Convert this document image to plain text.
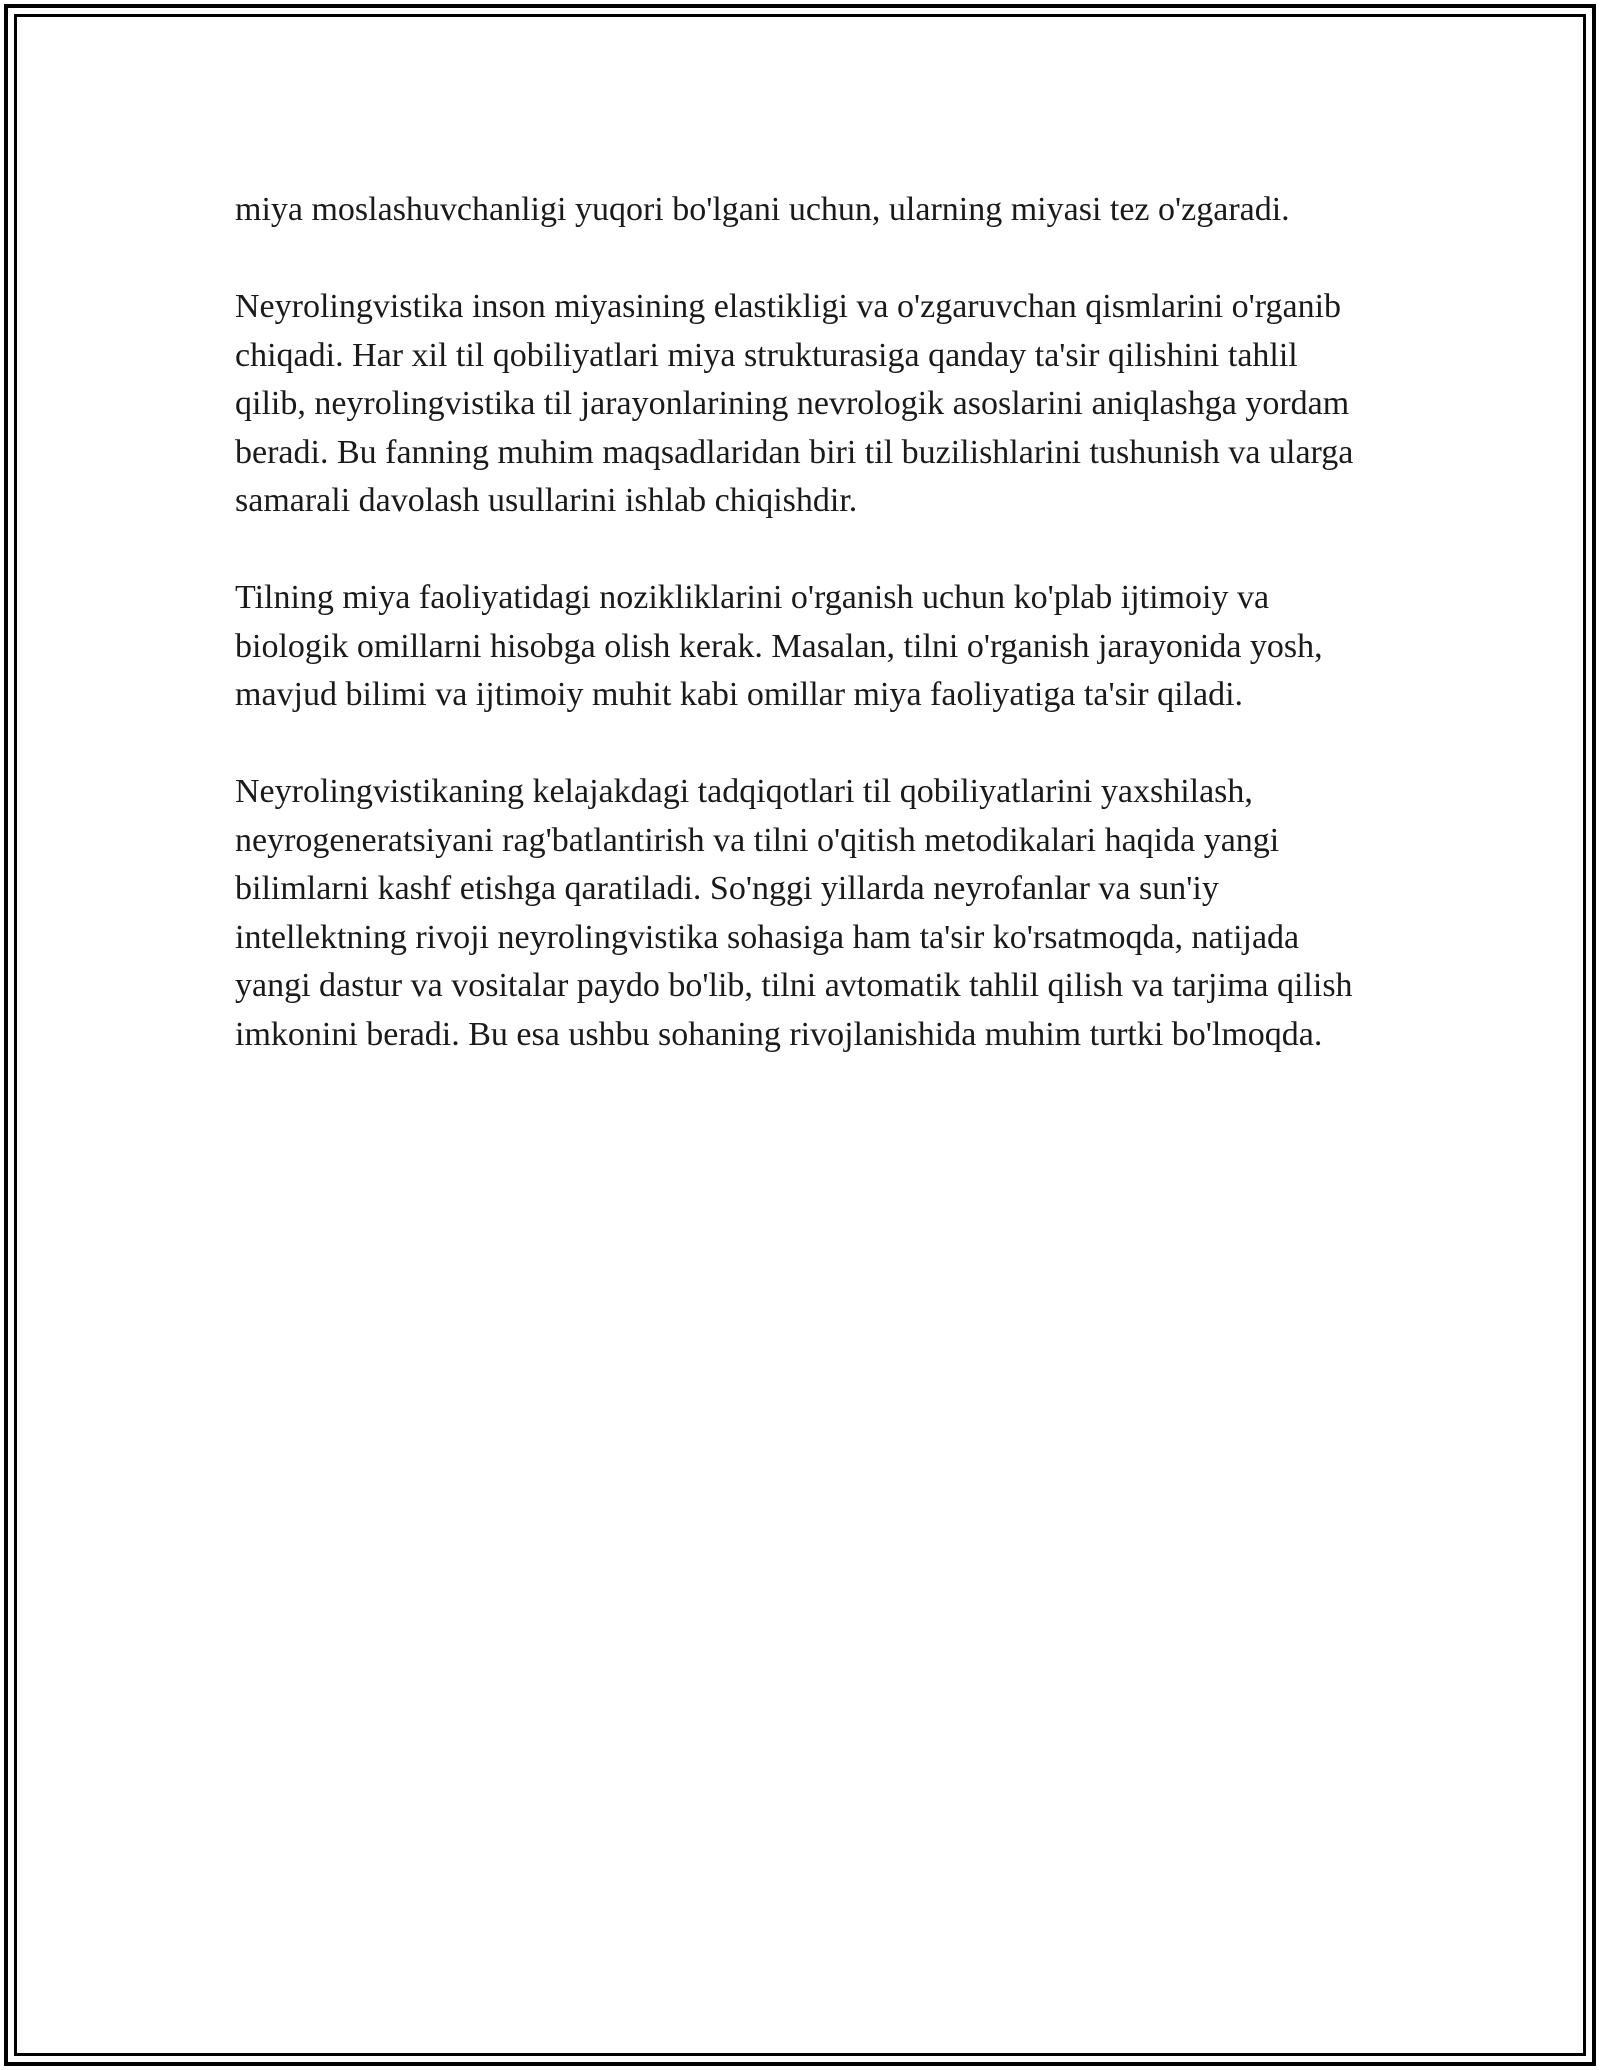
miya moslashuvchanligi yuqori bo'lgani uchun, ularning miyasi tez o'zgaradi.

Neyrolingvistika inson miyasining elastikligi va o'zgaruvchan qismlarini o'rganib chiqadi. Har xil til qobiliyatlari miya strukturasiga qanday ta'sir qilishini tahlil qilib, neyrolingvistika til jarayonlarining nevrologik asoslarini aniqlashga yordam beradi. Bu fanning muhim maqsadlaridan biri til buzilishlarini tushunish va ularga samarali davolash usullarini ishlab chiqishdir.

Tilning miya faoliyatidagi nozikliklarini o'rganish uchun ko'plab ijtimoiy va biologik omillarni hisobga olish kerak. Masalan, tilni o'rganish jarayonida yosh, mavjud bilimi va ijtimoiy muhit kabi omillar miya faoliyatiga ta'sir qiladi.

Neyrolingvistikaning kelajakdagi tadqiqotlari til qobiliyatlarini yaxshilash, neyrogeneratsiyani rag'batlantirish va tilni o'qitish metodikalari haqida yangi bilimlarni kashf etishga qaratiladi. So'nggi yillarda neyrofanlar va sun'iy intellektning rivoji neyrolingvistika sohasiga ham ta'sir ko'rsatmoqda, natijada yangi dastur va vositalar paydo bo'lib, tilni avtomatik tahlil qilish va tarjima qilish imkonini beradi. Bu esa ushbu sohaning rivojlanishida muhim turtki bo'lmoqda.
